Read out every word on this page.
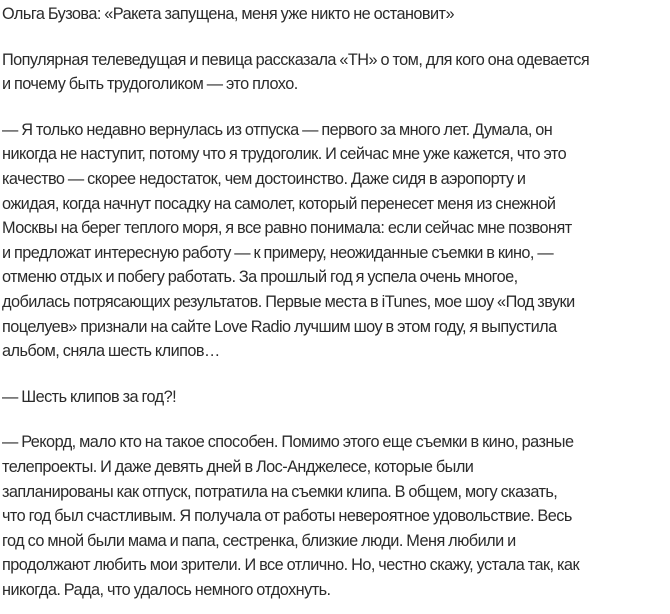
Ольга Бузова: «Ракета запущена, меня уже никто не остановит»

Популярная телеведущая и певица рассказала «ТН» о том, для кого она одевается
и почему быть трудоголиком — это плохо.

— Я только недавно вернулась из отпуска — первого за много лет. Думала, он
никогда не наступит, потому что я трудоголик. И сейчас мне уже кажется, что это
качество — скорее недостаток, чем достоинство. Даже сидя в аэропорту и
ожидая, когда начнут посадку на самолет, который перенесет меня из снежной
Москвы на берег теплого моря, я все равно понимала: если сейчас мне позвонят
и предложат интересную работу — к примеру, неожиданные съемки в кино, —
отменю отдых и побегу работать. За прошлый год я успела очень многое,
добилась потрясающих результатов. Первые места в iTunes, мое шоу «Под звуки
поцелуев» признали на сайте Love Radio лучшим шоу в этом году, я выпустила
альбом, сняла шесть клипов…

— Шесть клипов за год?!

— Рекорд, мало кто на такое способен. Помимо этого еще съемки в кино, разные
телепроекты. И даже девять дней в Лос-Анджелесе, которые были
запланированы как отпуск, потратила на съемки клипа. В общем, могу сказать,
что год был счастливым. Я получала от работы невероятное удовольствие. Весь
год со мной были мама и папа, сестренка, близкие люди. Меня любили и
продолжают любить мои зрители. И все отлично. Но, честно скажу, устала так, как
никогда. Рада, что удалось немного отдохнуть.
